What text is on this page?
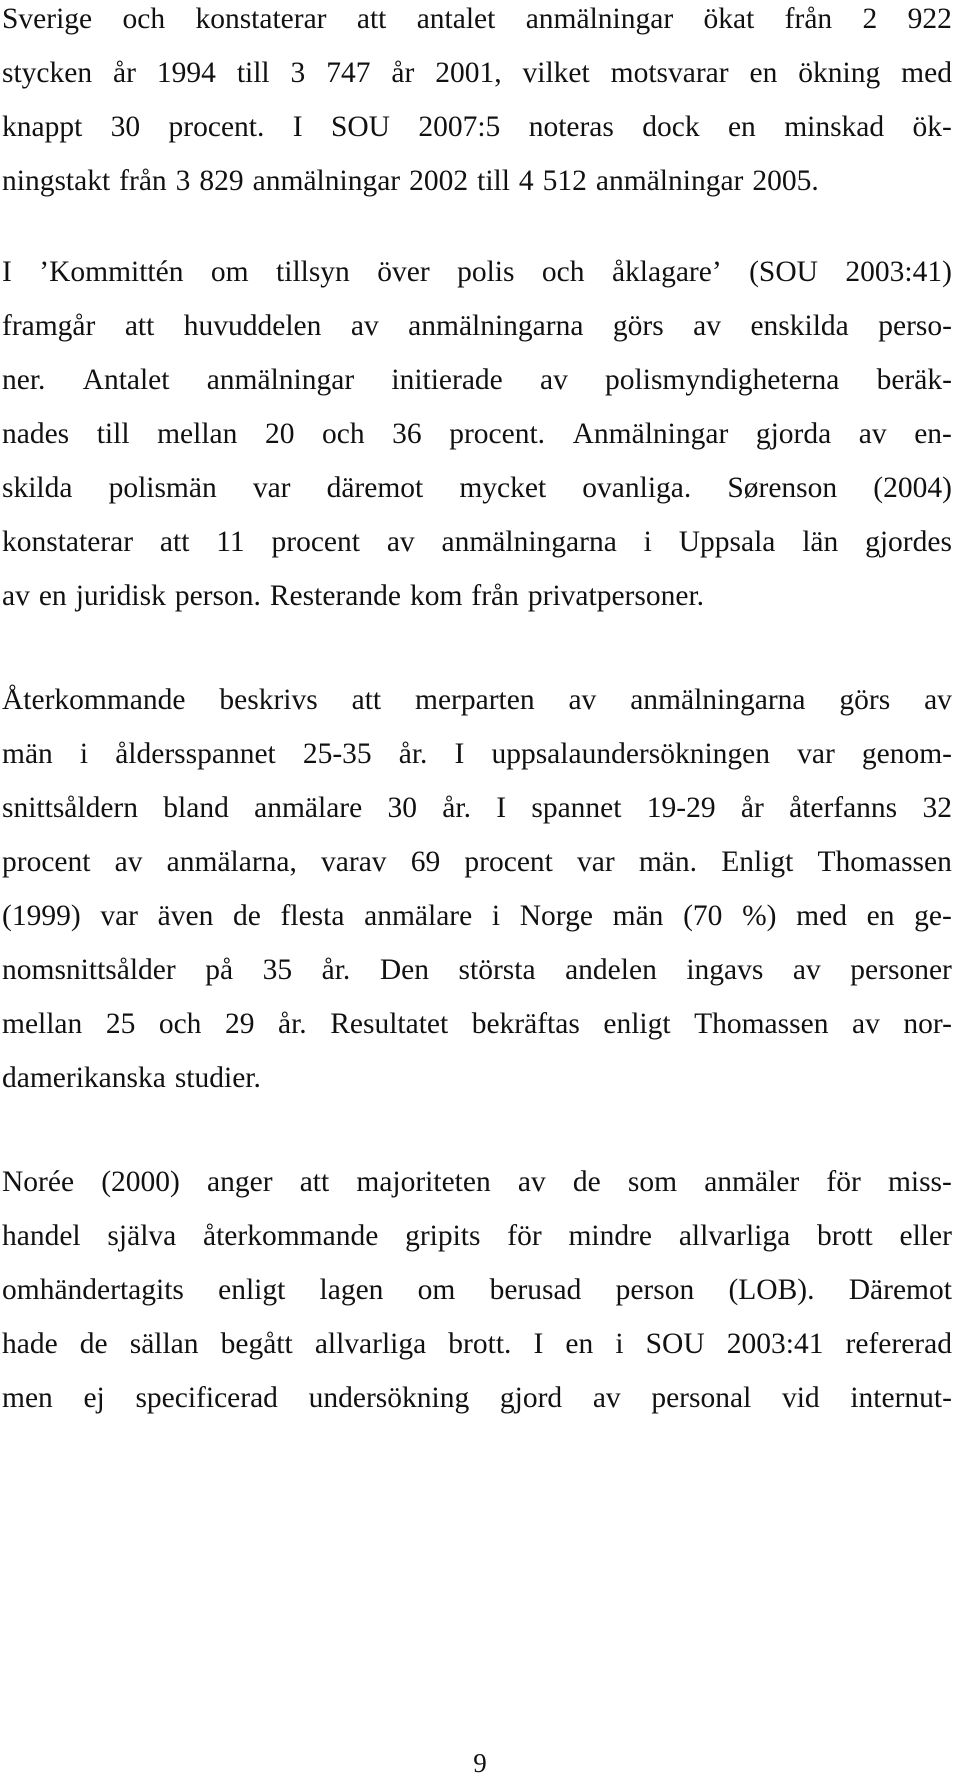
Sverige och konstaterar att antalet anmälningar ökat från 2 922
stycken år 1994 till 3 747 år 2001, vilket motsvarar en ökning med
knappt 30 procent. I SOU 2007:5 noteras dock en minskad ök-
ningstakt från 3 829 anmälningar 2002 till 4 512 anmälningar 2005.
I ’Kommittén om tillsyn över polis och åklagare’ (SOU 2003:41)
framgår att huvuddelen av anmälningarna görs av enskilda perso-
ner. Antalet anmälningar initierade av polismyndigheterna beräk-
nades till mellan 20 och 36 procent. Anmälningar gjorda av en-
skilda polismän var däremot mycket ovanliga. Sørenson (2004)
konstaterar att 11 procent av anmälningarna i Uppsala län gjordes
av en juridisk person. Resterande kom från privatpersoner.
Återkommande beskrivs att merparten av anmälningarna görs av
män i åldersspannet 25-35 år. I uppsalaundersökningen var genom-
snittsåldern bland anmälare 30 år. I spannet 19-29 år återfanns 32
procent av anmälarna, varav 69 procent var män. Enligt Thomassen
(1999) var även de flesta anmälare i Norge män (70 %) med en ge-
nomsnittsålder på 35 år. Den största andelen ingavs av personer
mellan 25 och 29 år. Resultatet bekräftas enligt Thomassen av nor-
damerikanska studier.
Norée (2000) anger att majoriteten av de som anmäler för miss-
handel själva återkommande gripits för mindre allvarliga brott eller
omhändertagits enligt lagen om berusad person (LOB). Däremot
hade de sällan begått allvarliga brott. I en i SOU 2003:41 refererad
men ej specificerad undersökning gjord av personal vid internut-
9
